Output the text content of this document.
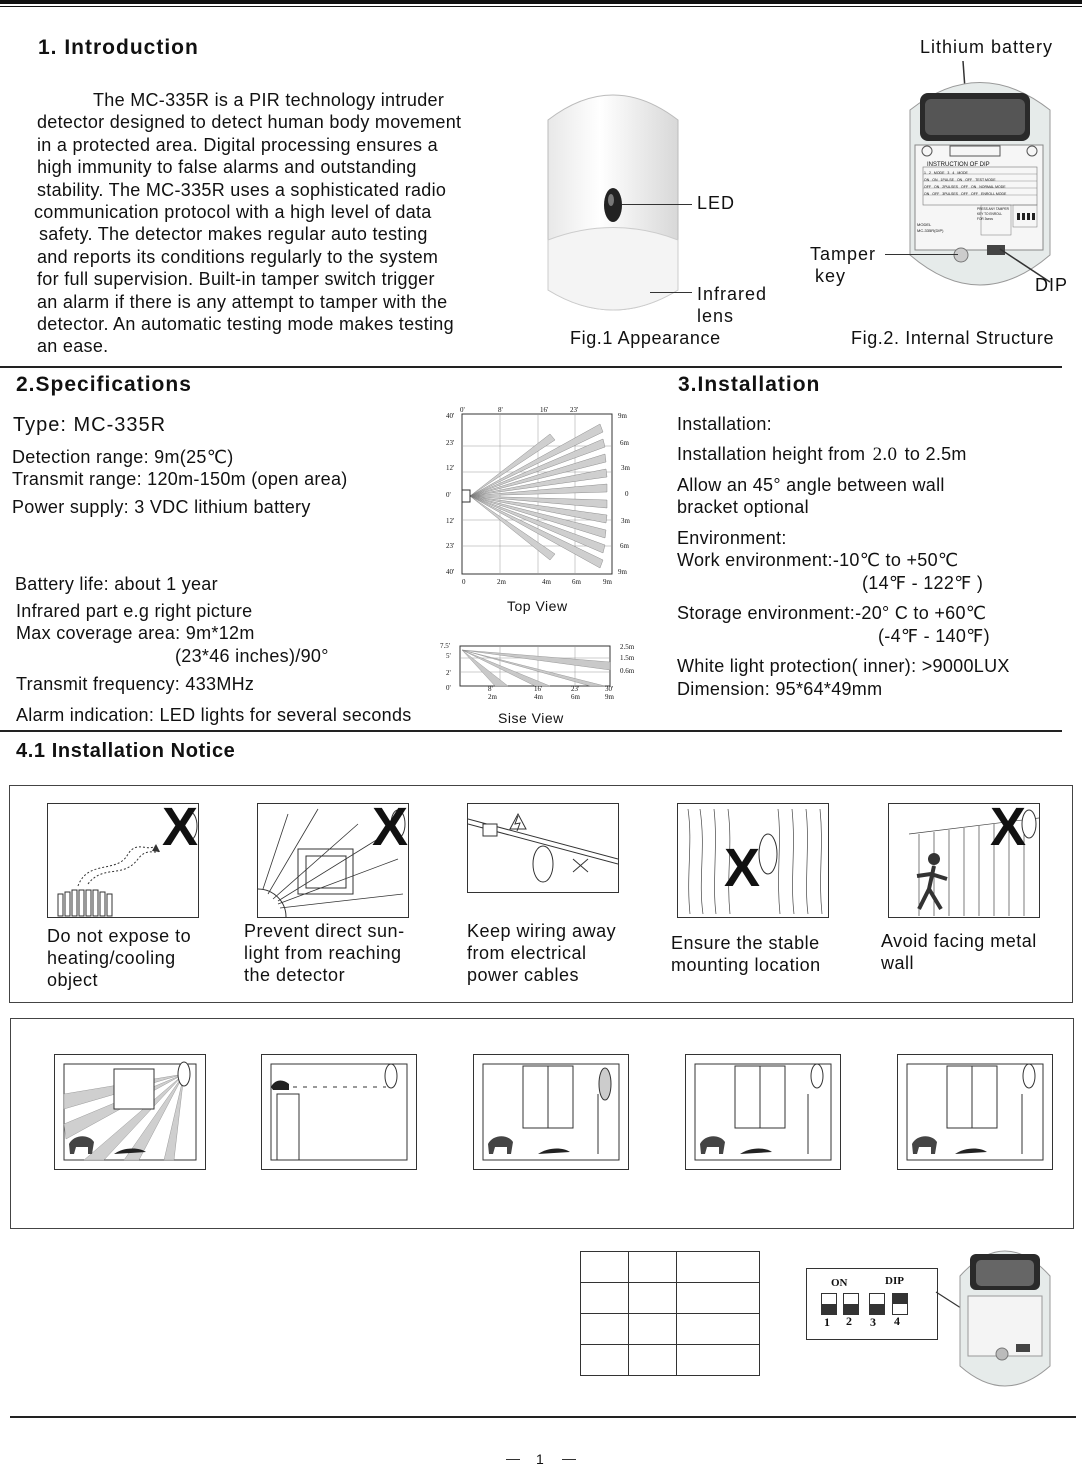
1. Introduction
The MC-335R is a PIR technology intruder
detector designed to detect human body movement
in a protected area. Digital processing ensures a
high immunity to false alarms and outstanding
stability. The MC-335R uses a sophisticated radio
communication protocol with a high level of data
safety. The detector makes regular auto testing
and reports its conditions regularly to the system
for full supervision. Built-in tamper switch trigger
an alarm if there is any attempt to tamper with the
detector. An automatic testing mode makes testing
an ease.
LED
Infrared
lens
Fig.1 Appearance
Lithium battery
INSTRUCTION OF DIP
MODEL
MC-335R(DIP)
PRESS ANY TAMPER KEY TO ENROLL FOR 3secs
1 2 MODE 3 4 MODE
ON ON 1PULSE ON OFF TEST MODE
OFF ON 2PULSES OFF ON NORMAL MODE
ON OFF 3PULSES OFF OFF ENROLL MODE
Tamper
key	DIP
Fig.2. Internal Structure
2.Specifications
Type: MC-335R
Detection range: 9m(25℃)
Transmit range: 120m-150m (open area)
Power supply: 3 VDC lithium battery
Battery life: about 1 year
Infrared part e.g right picture
Max coverage area: 9m*12m
(23*46 inches)/90°
Transmit frequency: 433MHz
Alarm indication: LED lights for several seconds
0'	8'	16'	23'
40'
23'
12'
0'
12'
23'
40'
9m
6m
3m
0
3m
6m
9m
0	2m	4m	6m	9m
Top View
7.5'
5'
2'
0'
2.5m
1.5m
0.6m
8'	16'	23'	30'
2m	4m	6m	9m
Sise View
3.Installation
Installation:
Installation height from 2.0 to 2.5m
Allow an 45° angle between wall
bracket optional
Environment:
Work environment:-10℃ to +50℃
(14℉ - 122℉ )
Storage environment:-20° C to +60℃
(-4℉ - 140℉)
White light protection( inner): >9000LUX
Dimension: 95*64*49mm
4.1 Installation Notice
X
Do not expose to
heating/cooling
object
X
Prevent direct sun-
light from reaching
the detector
Keep wiring away
from electrical
power cables
X
Ensure the stable
mounting location
X
Avoid facing metal
wall

ON	DIP
1 2 3 4
1
